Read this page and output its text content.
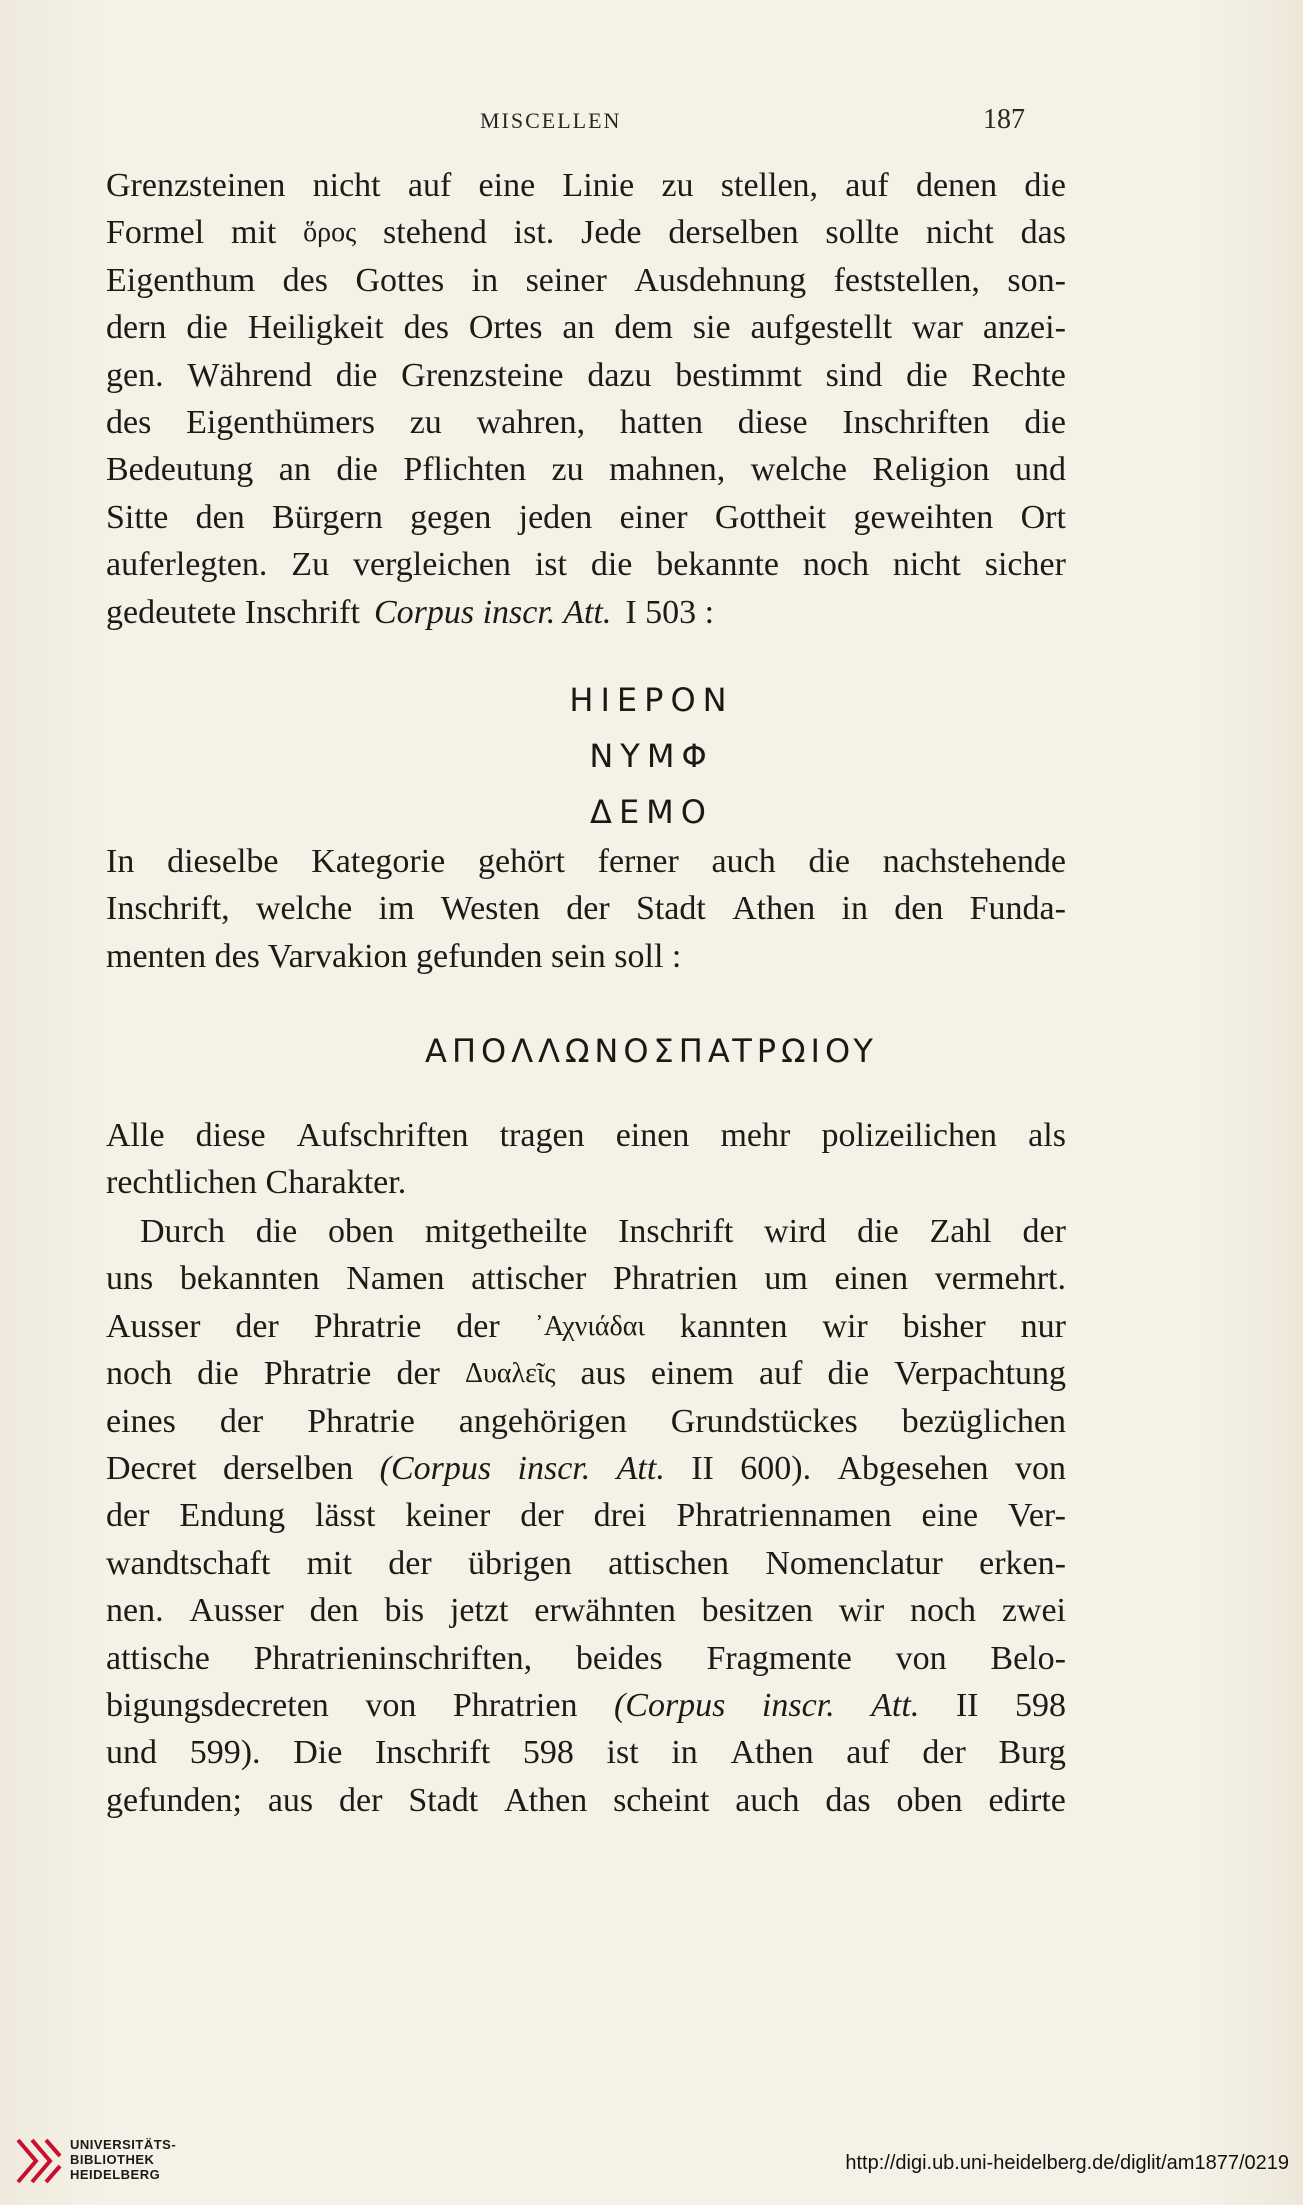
MISCELLEN	187
Grenzsteinen nicht auf eine Linie zu stellen, auf denen die
Formel mit ὅρος stehend ist. Jede derselben sollte nicht das
Eigenthum des Gottes in seiner Ausdehnung feststellen, son-
dern die Heiligkeit des Ortes an dem sie aufgestellt war anzei-
gen. Während die Grenzsteine dazu bestimmt sind die Rechte
des Eigenthümers zu wahren, hatten diese Inschriften die
Bedeutung an die Pflichten zu mahnen, welche Religion und
Sitte den Bürgern gegen jeden einer Gottheit geweihten Ort
auferlegten. Zu vergleichen ist die bekannte noch nicht sicher
gedeutete Inschrift Corpus inscr. Att. I 503 :
HIEPON
NYMΦ
ΔEMO
In dieselbe Kategorie gehört ferner auch die nachstehende
Inschrift, welche im Westen der Stadt Athen in den Funda-
menten des Varvakion gefunden sein soll :
AΠOΛΛΩNOΣΠATPΩIOY
Alle diese Aufschriften tragen einen mehr polizeilichen als
rechtlichen Charakter.
Durch die oben mitgetheilte Inschrift wird die Zahl der
uns bekannten Namen attischer Phratrien um einen vermehrt.
Ausser der Phratrie der ᾿Αχνιάδαι kannten wir bisher nur
noch die Phratrie der Δυαλεῖς aus einem auf die Verpachtung
eines der Phratrie angehörigen Grundstückes bezüglichen
Decret derselben (Corpus inscr. Att. II 600). Abgesehen von
der Endung lässt keiner der drei Phratriennamen eine Ver-
wandtschaft mit der übrigen attischen Nomenclatur erken-
nen. Ausser den bis jetzt erwähnten besitzen wir noch zwei
attische Phratrieninschriften, beides Fragmente von Belo-
bigungsdecreten von Phratrien (Corpus inscr. Att. II 598
und 599). Die Inschrift 598 ist in Athen auf der Burg
gefunden; aus der Stadt Athen scheint auch das oben edirte
UNIVERSITÄTS-
BIBLIOTHEK
HEIDELBERG
http://digi.ub.uni-heidelberg.de/diglit/am1877/0219
